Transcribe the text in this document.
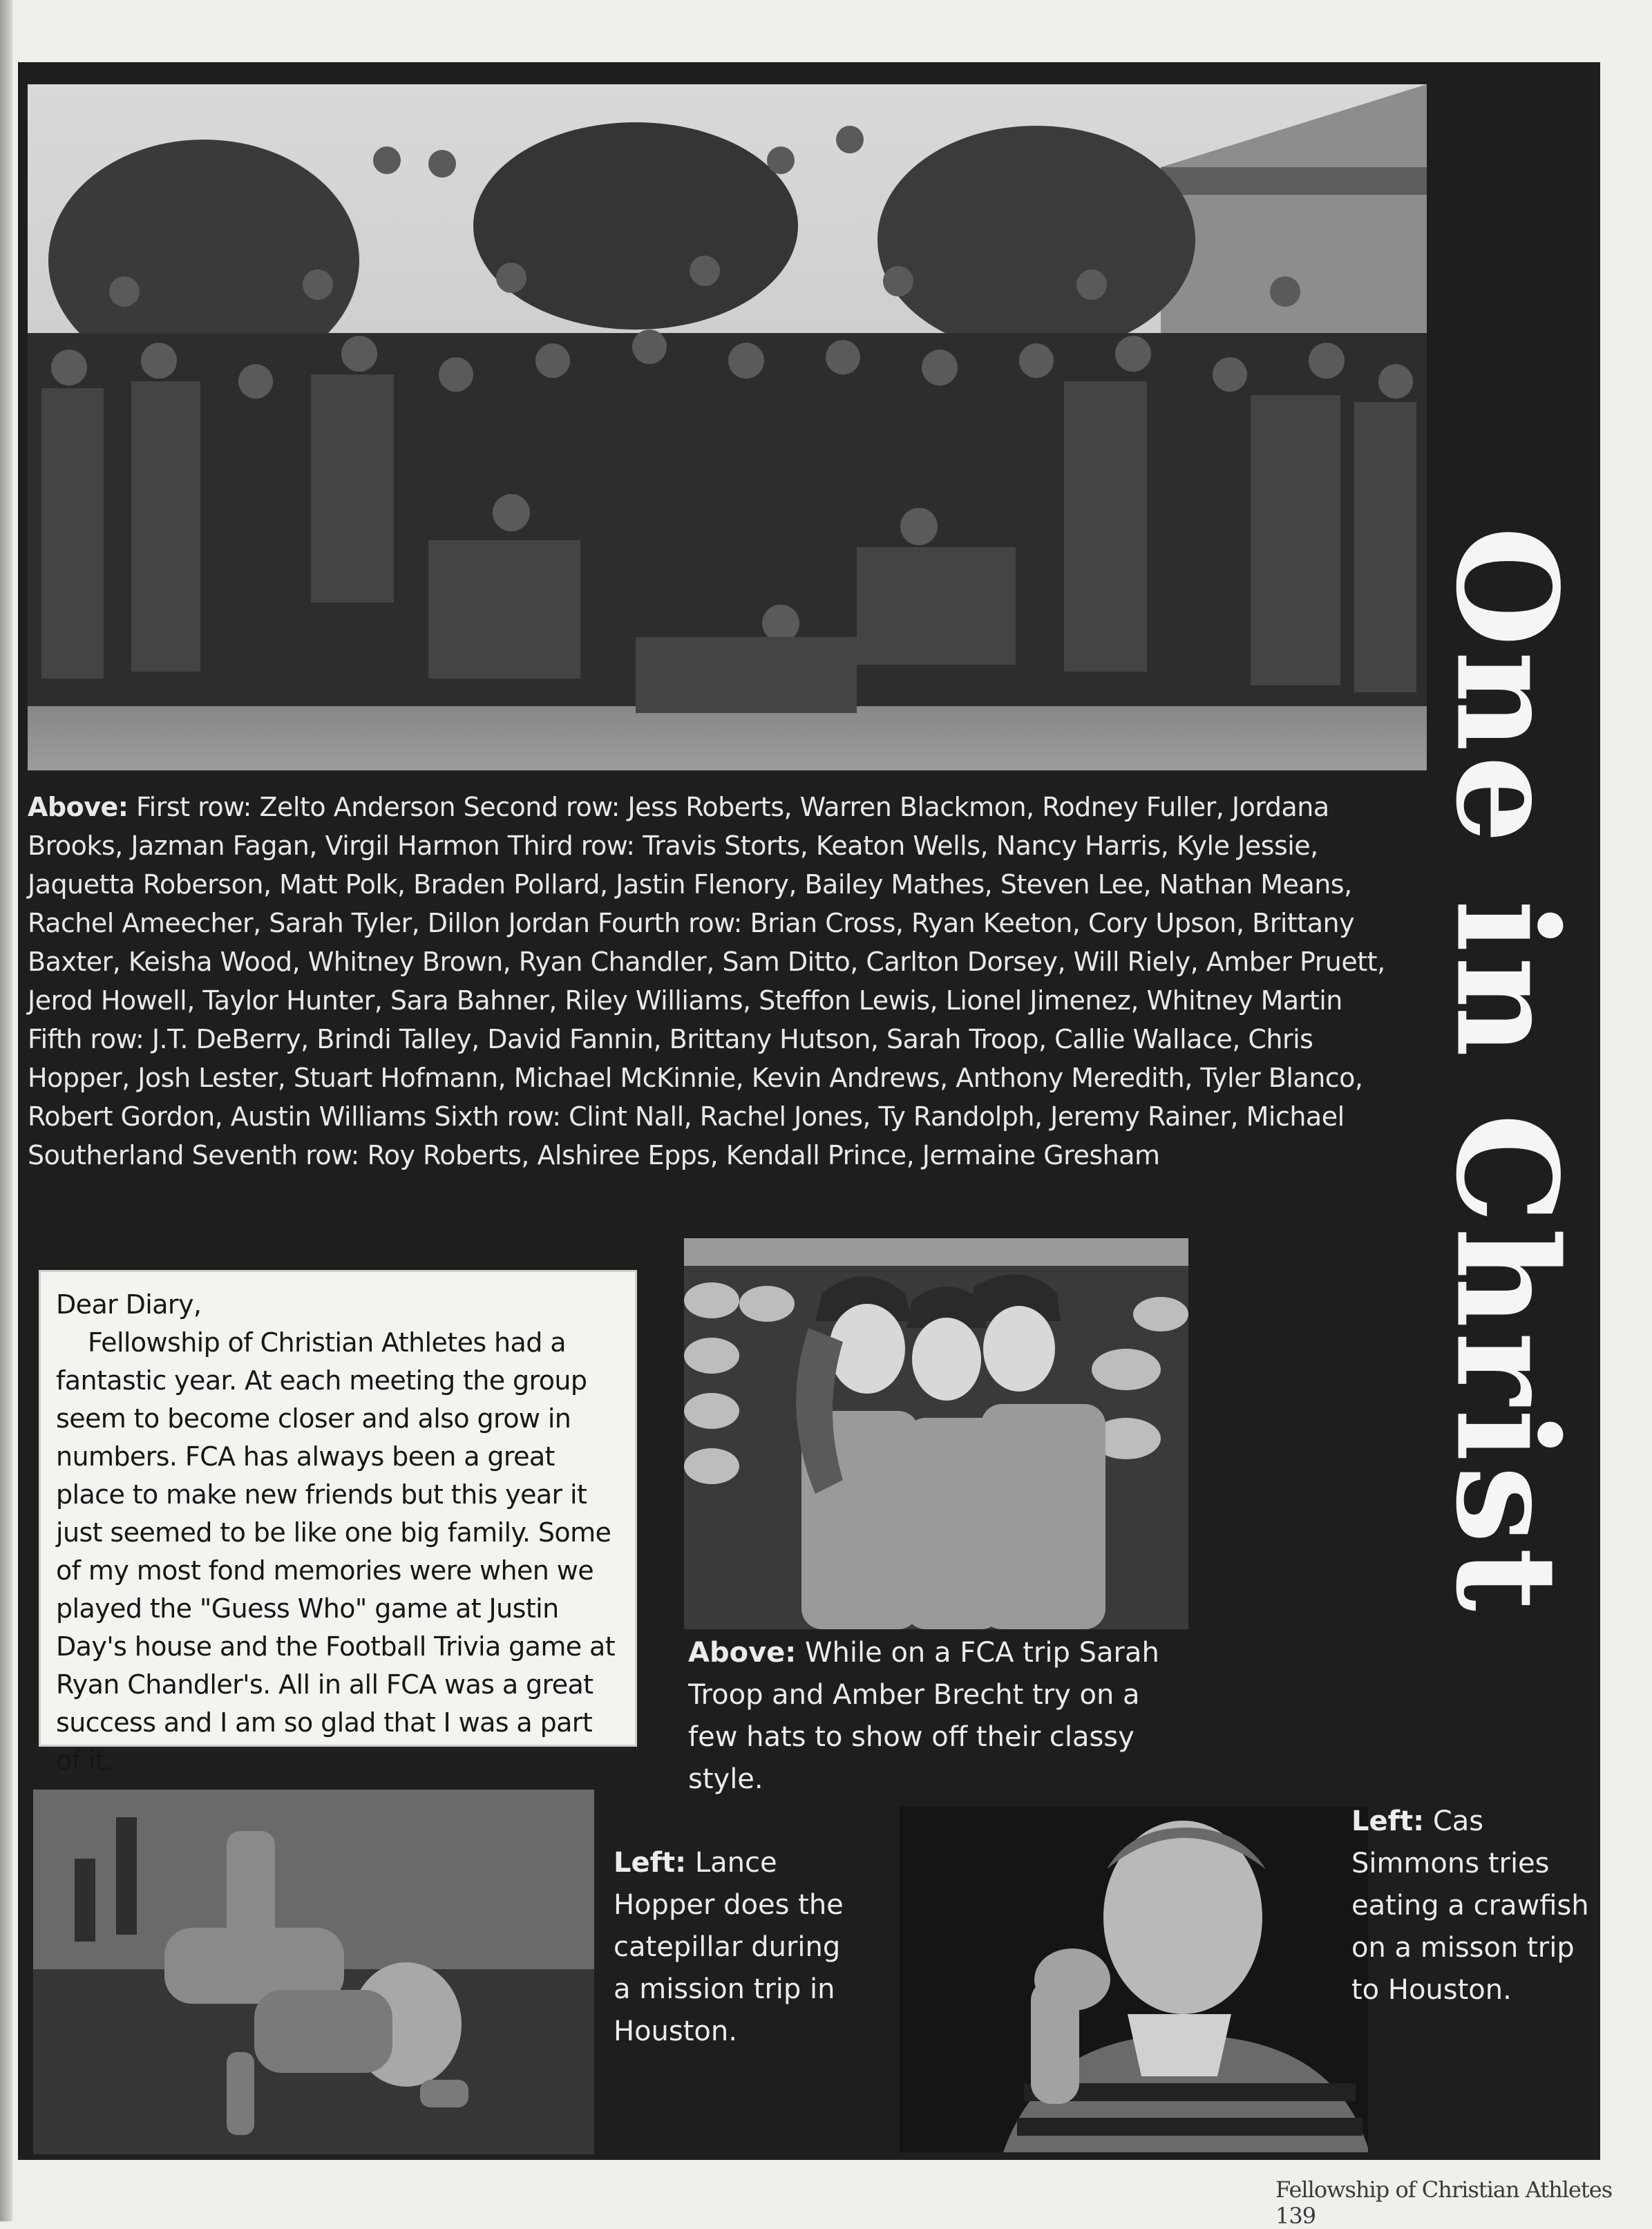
Above: First row: Zelto Anderson Second row: Jess Roberts, Warren Blackmon, Rodney Fuller, Jordana Brooks, Jazman Fagan, Virgil Harmon Third row: Travis Storts, Keaton Wells, Nancy Harris, Kyle Jessie, Jaquetta Roberson, Matt Polk, Braden Pollard, Jastin Flenory, Bailey Mathes, Steven Lee, Nathan Means, Rachel Ameecher, Sarah Tyler, Dillon Jordan Fourth row: Brian Cross, Ryan Keeton, Cory Upson, Brittany Baxter, Keisha Wood, Whitney Brown, Ryan Chandler, Sam Ditto, Carlton Dorsey, Will Riely, Amber Pruett, Jerod Howell, Taylor Hunter, Sara Bahner, Riley Williams, Steffon Lewis, Lionel Jimenez, Whitney Martin Fifth row: J.T. DeBerry, Brindi Talley, David Fannin, Brittany Hutson, Sarah Troop, Callie Wallace, Chris Hopper, Josh Lester, Stuart Hofmann, Michael McKinnie, Kevin Andrews, Anthony Meredith, Tyler Blanco, Robert Gordon, Austin Williams Sixth row: Clint Nall, Rachel Jones, Ty Randolph, Jeremy Rainer, Michael Southerland Seventh row: Roy Roberts, Alshiree Epps, Kendall Prince, Jermaine Gresham	One in Christ

Dear Diary,

Fellowship of Christian Athletes had a fantastic year. At each meeting the group seem to become closer and also grow in numbers. FCA has always been a great place to make new friends but this year it just seemed to be like one big family. Some of my most fond memories were when we played the "Guess Who" game at Justin Day's house and the Football Trivia game at Ryan Chandler's. All in all FCA was a great success and I am so glad that I was a part of it.

Above: While on a FCA trip Sarah Troop and Amber Brecht try on a few hats to show off their classy style.
Left: Lance Hopper does the catepillar during a mission trip in Houston.
Left: Cas Simmons tries eating a crawfish on a misson trip to Houston.
Fellowship of Christian Athletes 139
